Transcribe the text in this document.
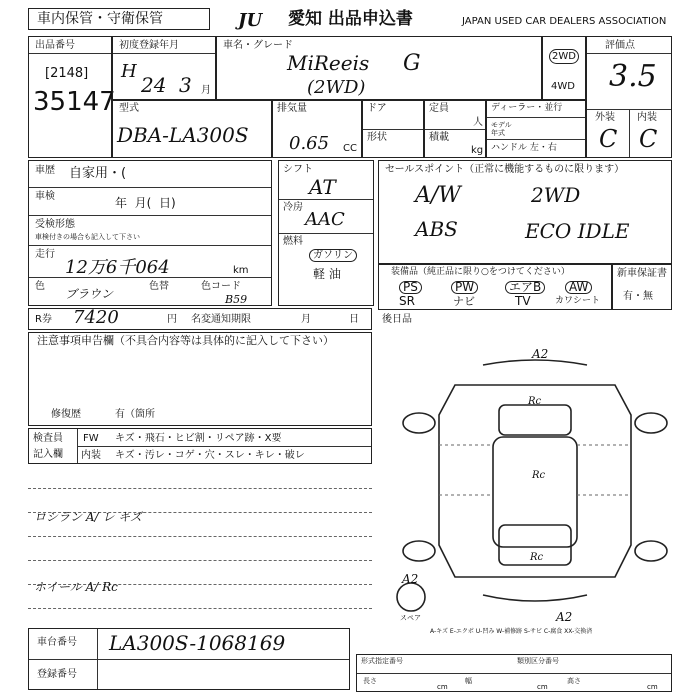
車内保管・守衛保管	JU	愛知 出品申込書	JAPAN USED CAR DEALERS ASSOCIATION
出品番号
[2148]
35147
初度登録年月
H
24 3 月
車名・グレード
MiReeis G
(2WD)
2WD
4WD
評価点
3.5
外装 内装
C C
型式
DBA-LA300S
排気量
0.65 CC
ドア
形状
定員
人
積載
kg
ディーラー・並行
モデル
年式
ハンドル 左・右
車歴 自家用・(
車検	年  月(  日)
受検形態
車検付きの場合も記入して下さい
走行
12万6千064	km
色
ブラウン
色替	色コード
B59
シフト
AT
冷房
AAC
燃料
ガソリン
軽 油
セールスポイント（正常に機能するものに限ります）
A/W	2WD
ABS	ECO IDLE
装備品（純正品に限り○をつけてください）
PS	PW	エアB	AW
SR	ナビ	TV	カワシート
新車保証書
有・無
R券 7420	円 名変通知期限	月	日 後日品
注意事項申告欄（不具合内容等は具体的に記入して下さい）
修復歴	有（箇所
検査員
記入欄
FW キズ・飛石・ヒビ割・リペア跡・X要
内装 キズ・汚レ・コゲ・穴・スレ・キレ・破レ
ロシラン A/ レ キズ
ホイール A/ Rc
A2
Rc
Rc
Rc
A2
A2
スペア
A-キズ E-エクボ U-凹み W-補修跡 S-サビ C-腐食 XX-交換済
車台番号 LA300S-1068169
登録番号
形式指定番号	類別区分番号
長さ
cm
幅
cm
高さ
cm
